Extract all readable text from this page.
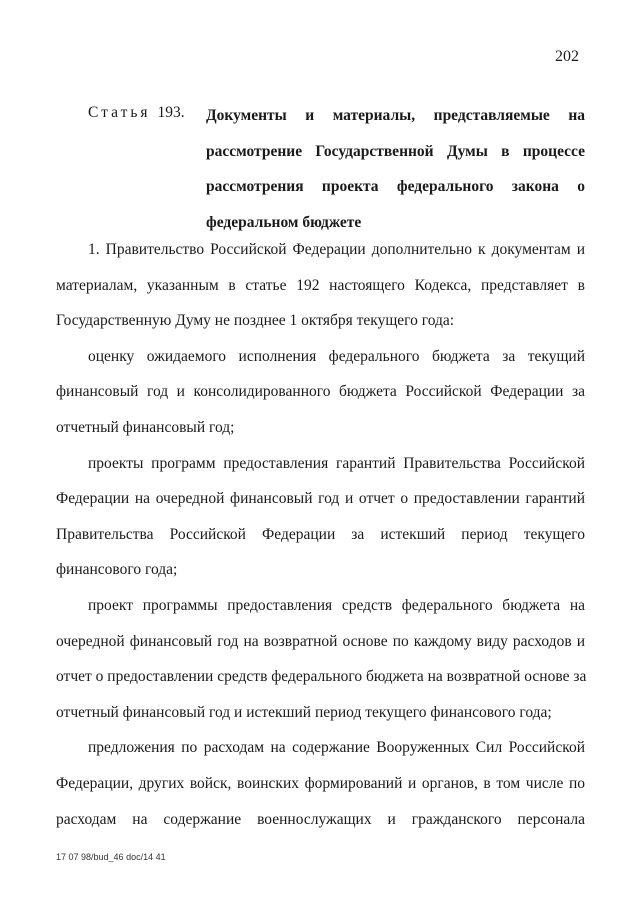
202
Статья 193.	Документы и материалы, представляемые на
рассмотрение Государственной Думы в процессе
рассмотрения проекта федерального закона о
федеральном бюджете
1. Правительство Российской Федерации дополнительно к документам и
материалам, указанным в статье 192 настоящего Кодекса, представляет в
Государственную Думу не позднее 1 октября текущего года:
оценку ожидаемого исполнения федерального бюджета за текущий
финансовый год и консолидированного бюджета Российской Федерации за
отчетный финансовый год;
проекты программ предоставления гарантий Правительства Российской
Федерации на очередной финансовый год и отчет о предоставлении гарантий
Правительства Российской Федерации за истекший период текущего
финансового года;
проект программы предоставления средств федерального бюджета на
очередной финансовый год на возвратной основе по каждому виду расходов и
отчет о предоставлении средств федерального бюджета на возвратной основе за
отчетный финансовый год и истекший период текущего финансового года;
предложения по расходам на содержание Вооруженных Сил Российской
Федерации, других войск, воинских формирований и органов, в том числе по
расходам на содержание военнослужащих и гражданского персонала
17 07 98/bud_46 doc/14 41
